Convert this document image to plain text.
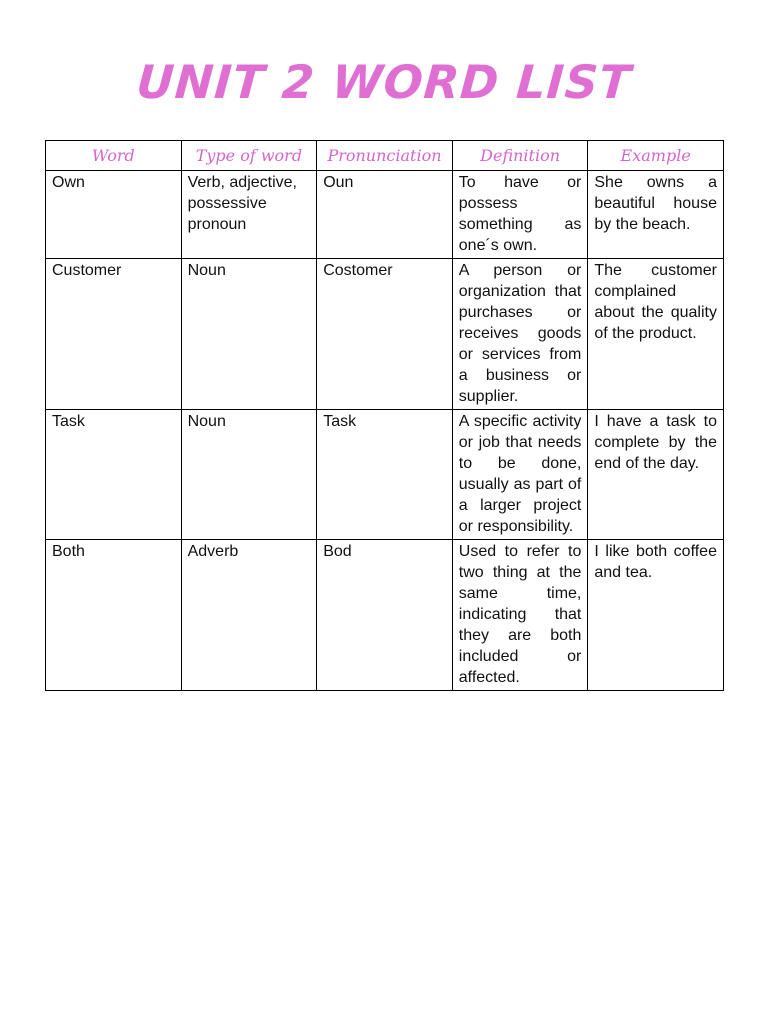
UNIT 2 WORD LIST
Word	Type of word	Pronunciation	Definition	Example
Own	Verb, adjective, possessive pronoun	Oun	To have or possess something as one´s own.	She owns a beautiful house by the beach.
Customer	Noun	Costomer	A person or organization that purchases or receives goods or services from a business or supplier.	The customer complained about the quality of the product.
Task	Noun	Task	A specific activity or job that needs to be done, usually as part of a larger project or responsibility.	I have a task to complete by the end of the day.
Both	Adverb	Bod	Used to refer to two thing at the same time, indicating that they are both included or affected.	I like both coffee and tea.
